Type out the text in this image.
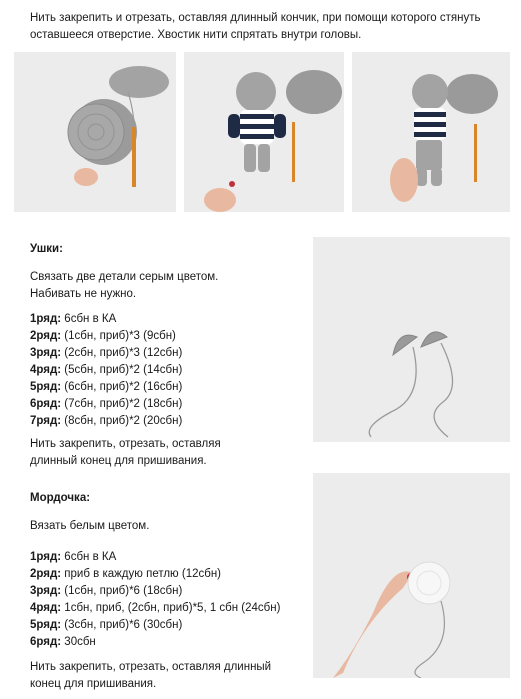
Нить закрепить и отрезать, оставляя длинный кончик, при помощи которого стянуть оставшееся отверстие. Хвостик нити спрятать внутри головы.
Ушки:

Связать две детали серым цветом.

Набивать не нужно.

1ряд: 6сбн в КА
2ряд: (1сбн, приб)*3 (9сбн)
3ряд: (2сбн, приб)*3 (12сбн)
4ряд: (5сбн, приб)*2 (14сбн)
5ряд: (6сбн, приб)*2 (16сбн)
6ряд: (7сбн, приб)*2 (18сбн)
7ряд: (8сбн, приб)*2 (20сбн)

Нить закрепить, отрезать, оставляя

длинный конец для пришивания.

Мордочка:

Вязать белым цветом.

1ряд: 6сбн в КА
2ряд: приб в каждую петлю (12сбн)
3ряд: (1сбн, приб)*6 (18сбн)
4ряд: 1сбн, приб, (2сбн, приб)*5, 1 сбн (24сбн)
5ряд: (3сбн, приб)*6 (30сбн)
6ряд: 30сбн

Нить закрепить, отрезать, оставляя длинный

конец для пришивания.
